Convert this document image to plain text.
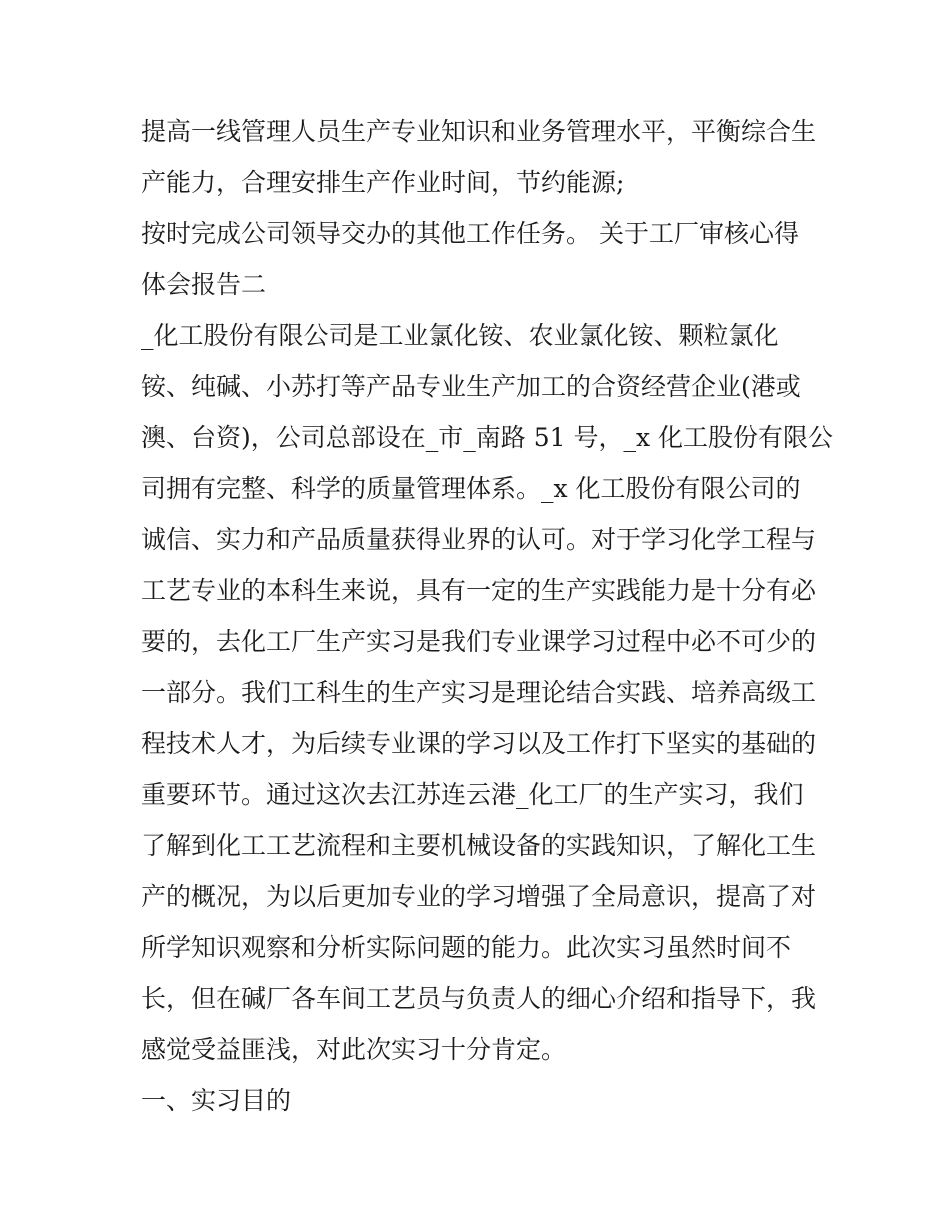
提高一线管理人员生产专业知识和业务管理水平，平衡综合生
产能力，合理安排生产作业时间，节约能源;
按时完成公司领导交办的其他工作任务。 关于工厂审核心得
体会报告二
_化工股份有限公司是工业氯化铵、农业氯化铵、颗粒氯化
铵、纯碱、小苏打等产品专业生产加工的合资经营企业(港或
澳、台资)，公司总部设在_市_南路 51 号，_x 化工股份有限公
司拥有完整、科学的质量管理体系。_x 化工股份有限公司的
诚信、实力和产品质量获得业界的认可。对于学习化学工程与
工艺专业的本科生来说，具有一定的生产实践能力是十分有必
要的，去化工厂生产实习是我们专业课学习过程中必不可少的
一部分。我们工科生的生产实习是理论结合实践、培养高级工
程技术人才，为后续专业课的学习以及工作打下坚实的基础的
重要环节。通过这次去江苏连云港_化工厂的生产实习，我们
了解到化工工艺流程和主要机械设备的实践知识，了解化工生
产的概况，为以后更加专业的学习增强了全局意识，提高了对
所学知识观察和分析实际问题的能力。此次实习虽然时间不
长，但在碱厂各车间工艺员与负责人的细心介绍和指导下，我
感觉受益匪浅，对此次实习十分肯定。
一、实习目的
